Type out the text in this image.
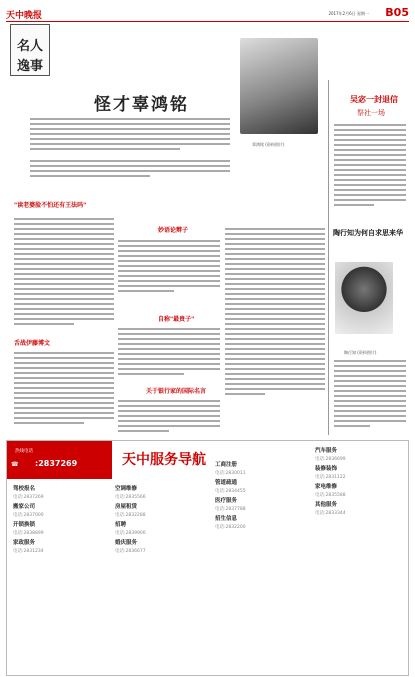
天中晚报	2017年2月6日 星期一 B05
名人
逸事
怪才辜鸿铭
辜鸿铭 (资料图片)
"读老婆脸不怕还有王法吗"
舌战伊藤博文
妙语论辫子
自称"最贵子"
关于银行家的国际名言
吴宓一封退信
祭社一场
陶行知为何自求思来华
陶行知 (资料图片)
热线电话
☎ :2837269	天中服务导航
驾校报名
电话:2837269
搬家公司
电话:2837000
开锁换锁
电话:2838899
家政服务
电话:2831234
空调维修
电话:2835566
房屋租赁
电话:2832288
招聘
电话:2839900
婚庆服务
电话:2836677
工商注册
电话:2830011
管道疏通
电话:2834455
医疗服务
电话:2837788
招生信息
电话:2832200
汽车服务
电话:2836699
装修装饰
电话:2831122
家电维修
电话:2835588
其他服务
电话:2833344
